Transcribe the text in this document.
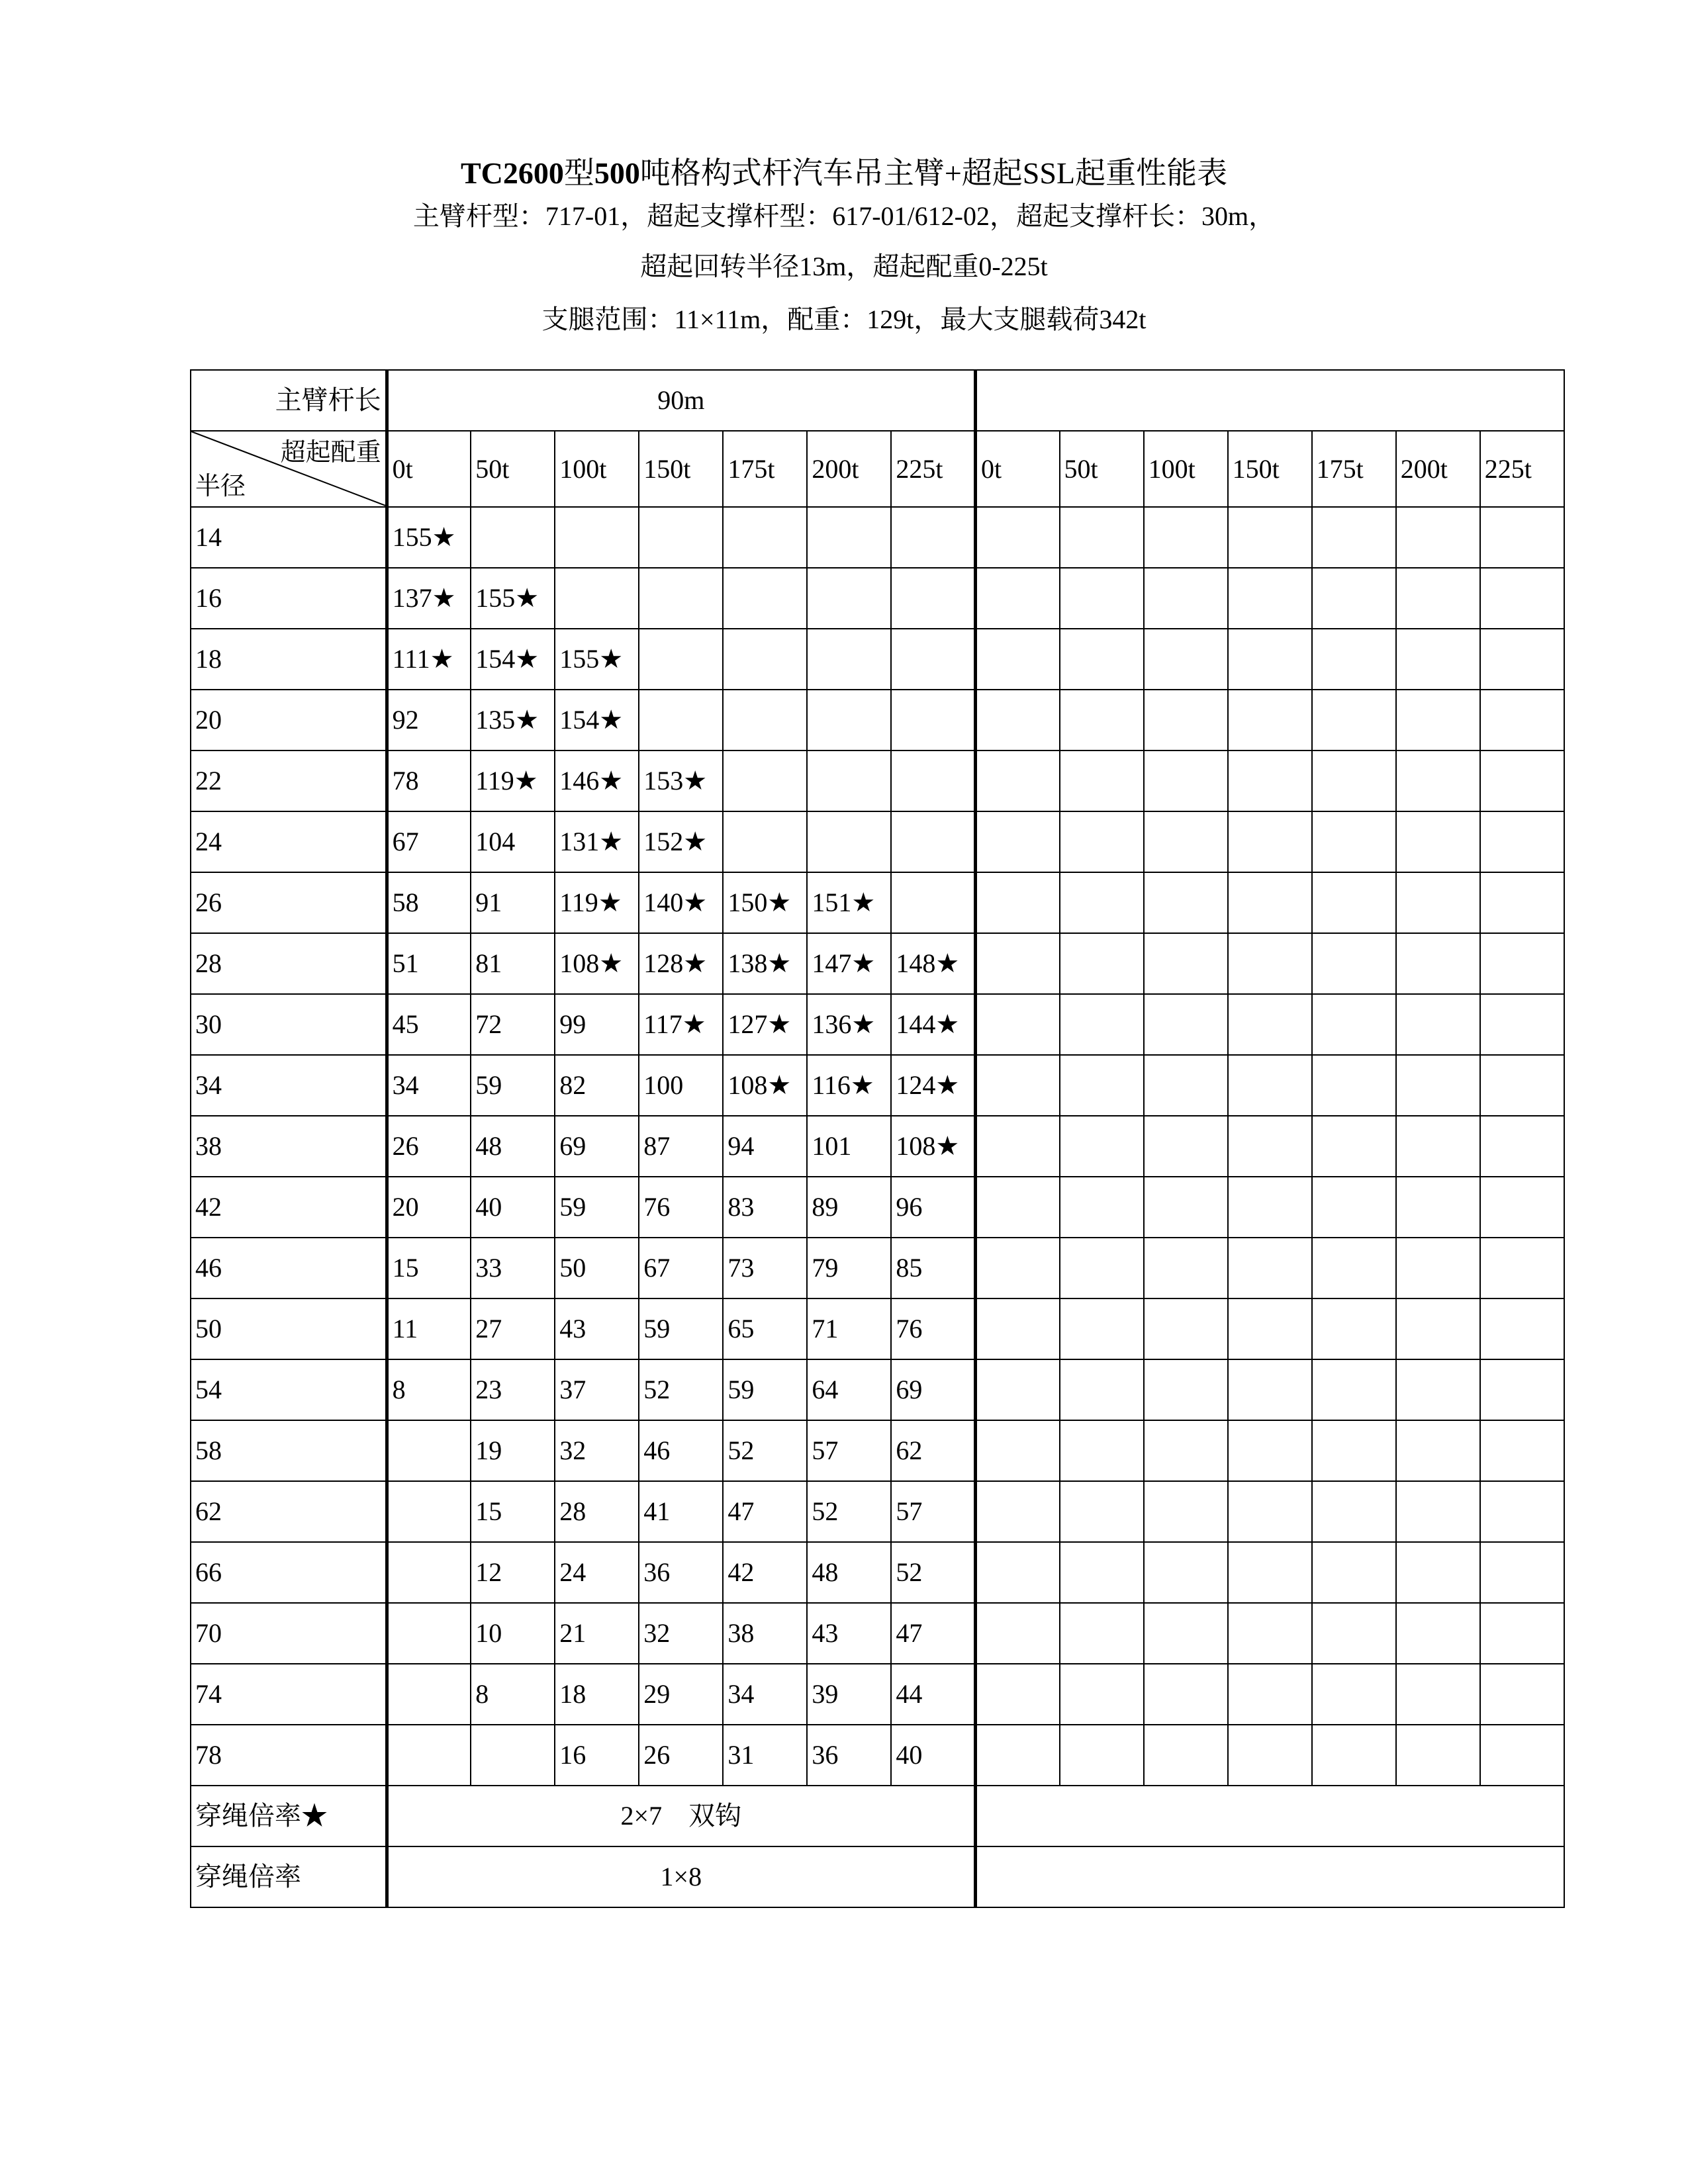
TC2600型500吨格构式杆汽车吊主臂+超起SSL起重性能表
主臂杆型：717-01，超起支撑杆型：617-01/612-02，超起支撑杆长：30m，
超起回转半径13m，超起配重0-225t
支腿范围：11×11m，配重：129t，最大支腿载荷342t
主臂杆长	90m													

超起配重
半径	0t	50t	100t	150t	175t	200t	225t	0t	50t	100t	150t	175t	200t	225t
14	155★													
16	137★	155★												
18	111★	154★	155★											
20	92	135★	154★											
22	78	119★	146★	153★										
24	67	104	131★	152★										
26	58	91	119★	140★	150★	151★								
28	51	81	108★	128★	138★	147★	148★							
30	45	72	99	117★	127★	136★	144★							
34	34	59	82	100	108★	116★	124★							
38	26	48	69	87	94	101	108★							
42	20	40	59	76	83	89	96							
46	15	33	50	67	73	79	85							
50	11	27	43	59	65	71	76							
54	8	23	37	52	59	64	69							
58		19	32	46	52	57	62							
62		15	28	41	47	52	57							
66		12	24	36	42	48	52							
70		10	21	32	38	43	47							
74		8	18	29	34	39	44							
78			16	26	31	36	40							
穿绳倍率★	2×7　双钩													
穿绳倍率	1×8													
